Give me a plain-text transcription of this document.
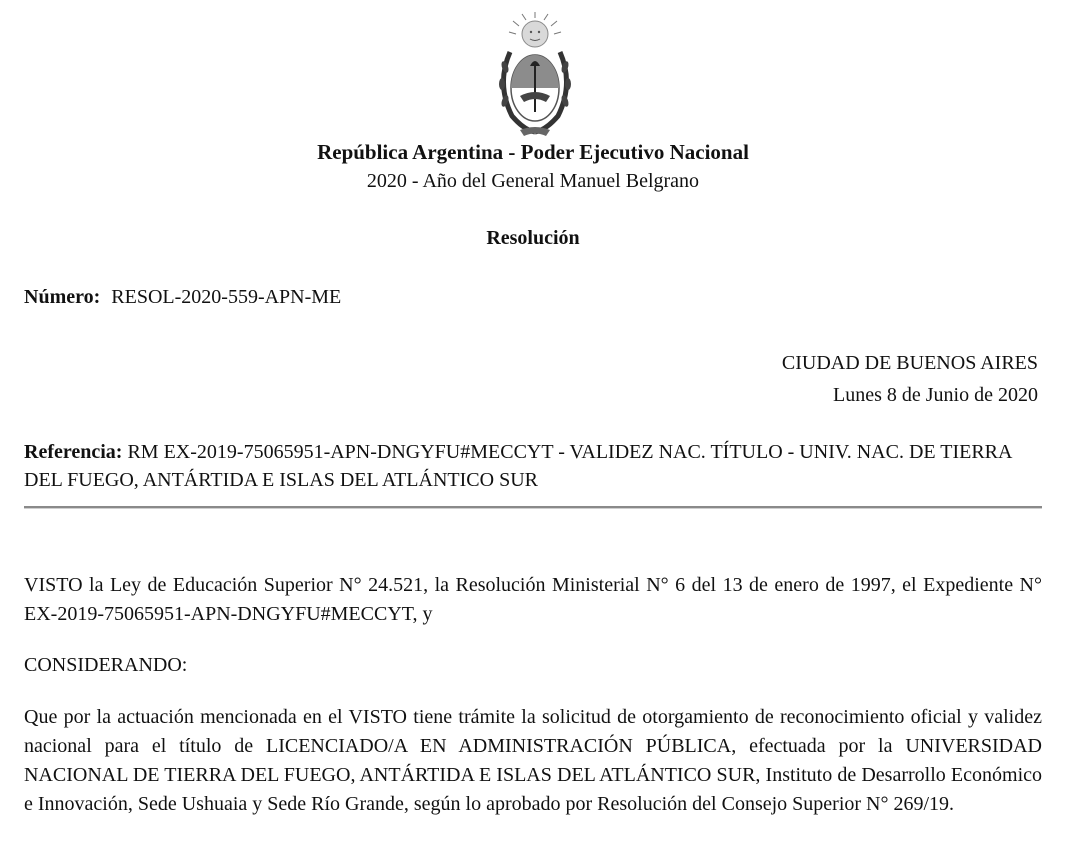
República Argentina - Poder Ejecutivo Nacional
2020 - Año del General Manuel Belgrano
Resolución
Número: RESOL-2020-559-APN-ME
CIUDAD DE BUENOS AIRES
Lunes 8 de Junio de 2020
Referencia: RM EX-2019-75065951-APN-DNGYFU#MECCYT - VALIDEZ NAC. TÍTULO - UNIV. NAC. DE TIERRA DEL FUEGO, ANTÁRTIDA E ISLAS DEL ATLÁNTICO SUR
VISTO la Ley de Educación Superior N° 24.521, la Resolución Ministerial N° 6 del 13 de enero de 1997, el Expediente N° EX-2019-75065951-APN-DNGYFU#MECCYT, y
CONSIDERANDO:
Que por la actuación mencionada en el VISTO tiene trámite la solicitud de otorgamiento de reconocimiento oficial y validez nacional para el título de LICENCIADO/A EN ADMINISTRACIÓN PÚBLICA, efectuada por la UNIVERSIDAD NACIONAL DE TIERRA DEL FUEGO, ANTÁRTIDA E ISLAS DEL ATLÁNTICO SUR, Instituto de Desarrollo Económico e Innovación, Sede Ushuaia y Sede Río Grande, según lo aprobado por Resolución del Consejo Superior N° 269/19.
